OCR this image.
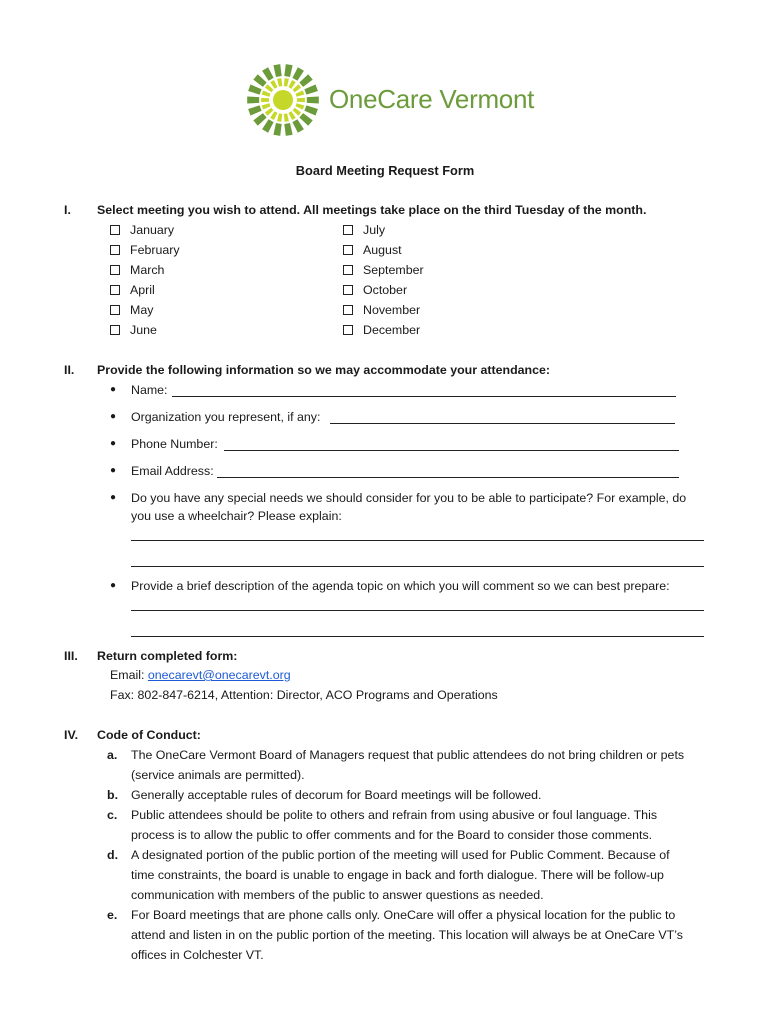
OneCare Vermont
Board Meeting Request Form
I. Select meeting you wish to attend. All meetings take place on the third Tuesday of the month.
January
February
March
April
May
June
July
August
September
October
November
December
II. Provide the following information so we may accommodate your attendance:
● Name:
● Organization you represent, if any:
● Phone Number:
● Email Address:
● Do you have any special needs we should consider for you to be able to participate? For example, do
you use a wheelchair? Please explain:
● Provide a brief description of the agenda topic on which you will comment so we can best prepare:
III. Return completed form:
Email: onecarevt@onecarevt.org
Fax: 802-847-6214, Attention: Director, ACO Programs and Operations
IV. Code of Conduct:
a. The OneCare Vermont Board of Managers request that public attendees do not bring children or pets
(service animals are permitted).
b. Generally acceptable rules of decorum for Board meetings will be followed.
c. Public attendees should be polite to others and refrain from using abusive or foul language. This
process is to allow the public to offer comments and for the Board to consider those comments.
d. A designated portion of the public portion of the meeting will used for Public Comment. Because of
time constraints, the board is unable to engage in back and forth dialogue. There will be follow-up
communication with members of the public to answer questions as needed.
e. For Board meetings that are phone calls only. OneCare will offer a physical location for the public to
attend and listen in on the public portion of the meeting. This location will always be at OneCare VT’s
offices in Colchester VT.
